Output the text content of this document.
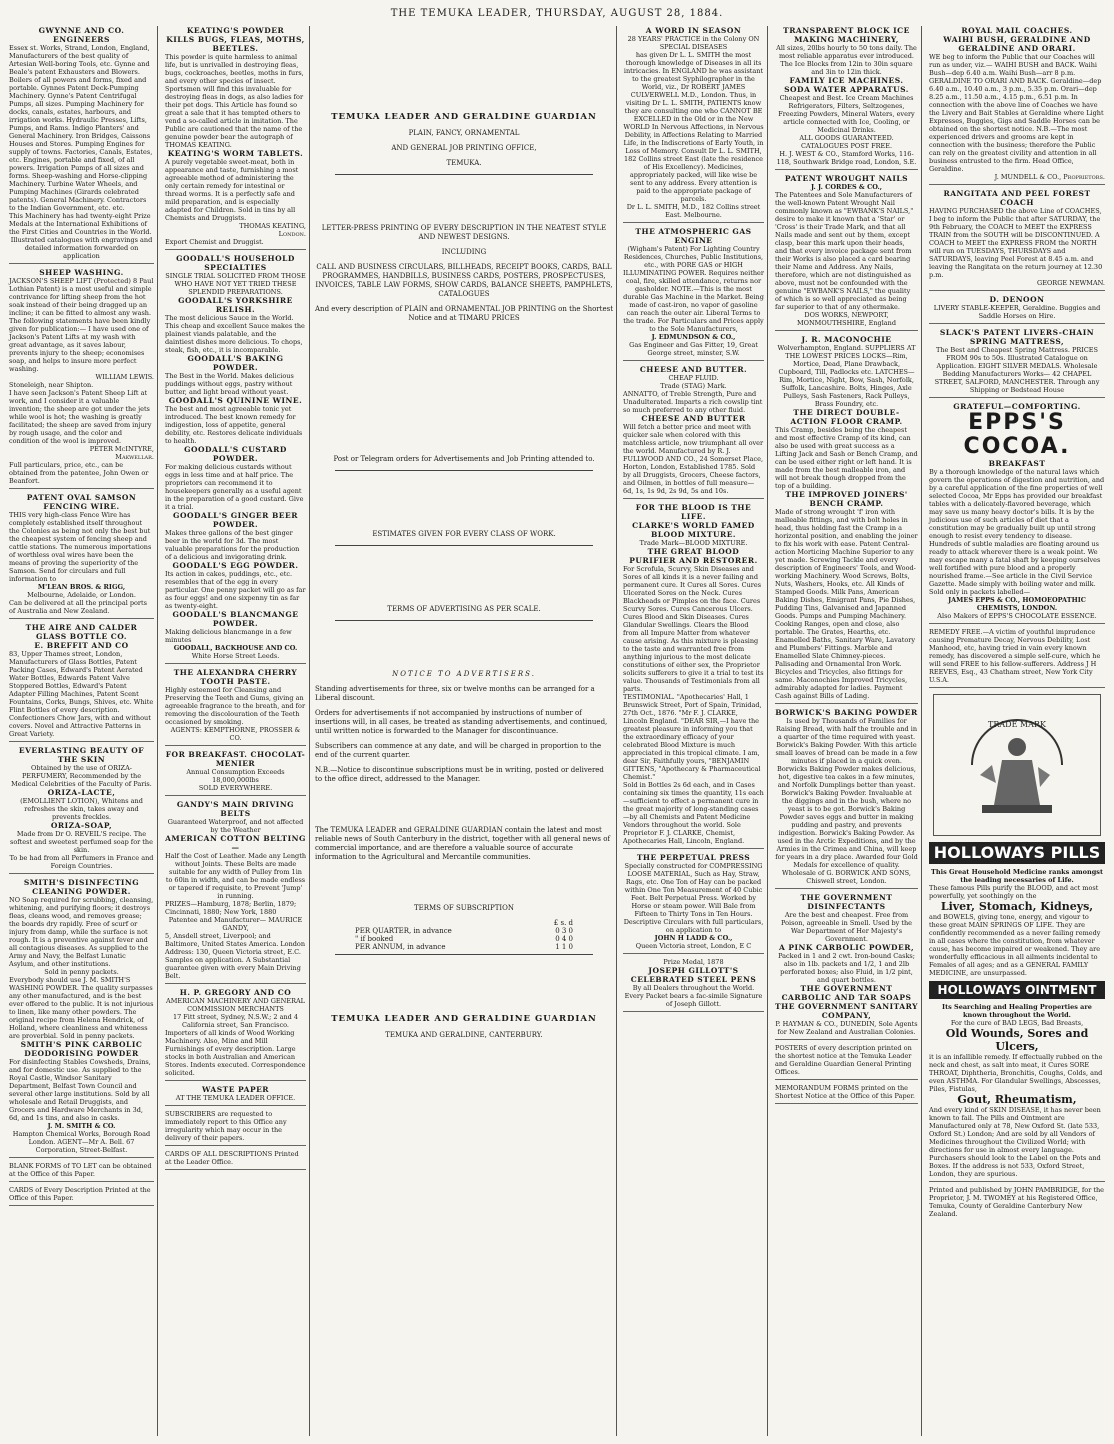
THE TEMUKA LEADER, THURSDAY, AUGUST 28, 1884.
GWYNNE AND CO.
ENGINEERS
Essex st. Works, Strand, London, England, Manufacturers of the best quality of Artesian Well-boring Tools, etc. Gynne and Beale's patent Exhausters and Blowers. Boilers of all powers and forms, fixed and portable. Gynnes Patent Deck-Pumping Machinery. Gynne's Patent Centrifugal Pumps, all sizes. Pumping Machinery for docks, canals, estates, harbours, and irrigation works. Hydraulic Presses, Lifts, Pumps, and Rams. Indigo Planters' and General Machinery. Iron Bridges, Caissons Houses and Stores. Pumping Engines for supply of towns. Factories, Canals, Estates, etc. Engines, portable and fixed, of all powers. Irrigation Pumps of all sizes and forms. Sheep-washing and Horse-clipping Machinery. Turbine Water Wheels, and Pumping Machines (Girards celebrated patents). General Machinery. Contractors to the Indian Government, etc. etc.
This Machinery has had twenty-eight Prize Medals at the International Exhibitions of the First Cities and Countries in the World.
Illustrated catalogues with engravings and detailed information forwarded on application
SHEEP WASHING.
JACKSON'S SHEEP LIFT (Protected) 8 Paul Lothian Patent) is a most useful and simple contrivance for lifting sheep from the hot soak instead of their being dragged up an incline; it can be fitted to almost any wash. The following statements have been kindly given for publication:— I have used one of Jackson's Patent Lifts at my wash with great advantage, as it saves labour, prevents injury to the sheep; economises soap, and helps to insure more perfect washing.
WILLIAM LEWIS.
Stoneleigh, near Shipton.
I have seen Jackson's Patent Sheep Lift at work, and I consider it a valuable invention; the sheep are got under the jets while wool is hot; the washing is greatly facilitated; the sheep are saved from injury by rough usage, and the color and condition of the wool is improved.
PETER McINTYRE,
Makwellar.
Full particulars, price, etc., can be obtained from the patentee, John Owen or Beanfort.
PATENT OVAL SAMSON FENCING WIRE.
THIS very high-class Fence Wire has completely established itself throughout the Colonies as being not only the best but the cheapest system of fencing sheep and cattle stations. The numerous importations of worthless oval wires have been the means of proving the superiority of the Samson. Send for circulars and full information to
M'LEAN BROS. & RIGG,
Melbourne, Adelaide, or London.
Can be delivered at all the principal ports of Australia and New Zealand.
THE AIRE AND CALDER GLASS BOTTLE CO.
E. BREFFIT AND CO
83, Upper Thames street, London, Manufacturers of Glass Bottles, Patent Packing Cases, Edward's Patent Aerated Water Bottles, Edwards Patent Valve Stoppered Bottles, Edward's Patent Adapter Filling Machines, Patent Scent Fountains, Corks, Bungs, Shives, etc. White Flint Bottles of every description. Confectioners Chow Jars, with and without covers. Novel and Attractive Patterns in Great Variety.
EVERLASTING BEAUTY OF THE SKIN
Obtained by the use of ORIZA-PERFUMERY, Recommended by the Medical Celebrities of the Faculty of Paris.
ORIZA-LACTE,
(EMOLLIENT LOTION), Whitens and refreshes the skin, takes away and prevents freckles.
ORIZA-SOAP,
Made from Dr O. REVEIL'S recipe. The softest and sweetest perfumed soap for the skin.
To be had from all Perfumers in France and Foreign Countries.
SMITH'S DISINFECTING CLEANING POWDER.
NO Soap required for scrubbing, cleansing, whitening, and purifying floors; it destroys fleas, cleans wood, and removes grease; the boards dry rapidly. Free of scurf or injury from damp, while the surface is not rough. It is a preventive against fever and all contagious diseases. As supplied to the Army and Navy, the Belfast Lunatic Asylum, and other institutions.
Sold in penny packets.
Everybody should use J. M. SMITH'S WASHING POWDER. The quality surpasses any other manufactured, and is the best ever offered to the public. It is not injurious to linen, like many other powders. The original recipe from Helena Hendrick, of Holland, where cleanliness and whiteness are proverbial. Sold in penny packets.
SMITH'S PINK CARBOLIC DEODORISING POWDER
For disinfecting Stables Cowsheds, Drains, and for domestic use. As supplied to the Royal Castle, Windsor Sanitary Department, Belfast Town Council and several other large institutions. Sold by all wholesale and Retail Druggists, and Grocers and Hardware Merchants in 3d, 6d, and 1s tins, and also in casks.
J. M. SMITH & CO.
Hampton Chemical Works, Borough Road London. AGENT—Mr A. Bell. 67 Corporation, Street-Belfast.
BLANK FORMS of TO LET can be obtained at the Office of this Paper.
CARDS of Every Description Printed at the Office of this Paper.
KEATING'S POWDER
KILLS BUGS, FLEAS, MOTHS, BEETLES.
This powder is quite harmless to animal life, but is unrivalled in destroying fleas, bugs, cockroaches, beetles, moths in furs, and every other species of insect. Sportsmen will find this invaluable for destroying fleas in dogs, as also ladies for their pet dogs. This Article has found so great a sale that it has tempted others to vend a so-called article in imitation. The Public are cautioned that the name of the genuine powder bear the autograph of THOMAS KEATING.
KEATING'S WORM TABLETS.
A purely vegetable sweet-meat, both in appearance and taste, furnishing a most agreeable method of administering the only certain remedy for intestinal or thread worms. It is a perfectly safe and mild preparation, and is especially adapted for Children. Sold in tins by all Chemists and Druggists.
THOMAS KEATING,
London.
Export Chemist and Druggist.
GOODALL'S HOUSEHOLD SPECIALTIES
SINGLE TRIAL SOLICITED FROM THOSE WHO HAVE NOT YET TRIED THESE SPLENDID PREPARATIONS.
GOODALL'S YORKSHIRE RELISH.
The most delicious Sauce in the World. This cheap and excellent Sauce makes the plainest viands palatable, and the daintiest dishes more delicious. To chops, steak, fish, etc., it is incomparable.
GOODALL'S BAKING POWDER.
The Best in the World. Makes delicious puddings without eggs, pastry without butter, and light bread without yeast.
GOODALL'S QUININE WINE.
The best and most agreeable tonic yet introduced. The best known remedy for indigestion, loss of appetite, general debility, etc. Restores delicate individuals to health.
GOODALL'S CUSTARD POWDER.
For making delicious custards without eggs in less time and at half price. The proprietors can recommend it to housekeepers generally as a useful agent in the preparation of a good custard. Give it a trial.
GOODALL'S GINGER BEER POWDER.
Makes three gallons of the best ginger beer in the world for 3d. The most valuable preparations for the production of a delicious and invigorating drink.
GOODALL'S EGG POWDER.
Its action in cakes, puddings, etc., etc. resembles that of the egg in every particular. One penny packet will go as far as four eggs! and one sixpenny tin as far as twenty-eight.
GOODALL'S BLANCMANGE POWDER.
Making delicious blancmange in a few minutes
GOODALL, BACKHOUSE AND CO.
White Horse Street Leeds.
THE ALEXANDRA CHERRY TOOTH PASTE.
Highly esteemed for Cleansing and Preserving the Teeth and Gums, giving an agreeable fragrance to the breath, and for removing the discolouration of the Teeth occasioned by smoking.
AGENTS: KEMPTHORNE, PROSSER & CO.
FOR BREAKFAST. CHOCOLAT-MENIER
Annual Consumption Exceeds 18,000,000lbs
SOLD EVERYWHERE.
GANDY'S MAIN DRIVING BELTS
Guaranteed Waterproof, and not affected by the Weather
AMERICAN COTTON BELTING—
Half the Cost of Leather. Made any Length without Joints. These Belts are made suitable for any width of Pulley from 1in to 60in in width, and can be made endless or tapered if requisite, to Prevent 'Jump' in running.
PRIZES—Hamburg, 1878; Berlin, 1879; Cincinnati, 1880; New York, 1880
Patentee and Manufacturer— MAURICE GANDY,
5, Ansdell street, Liverpool; and Baltimore, United States America. London Address: 130, Queen Victoria street, E.C.
Samples on application. A Substantial guarantee given with every Main Driving Belt.
H. P. GREGORY AND CO
AMERICAN MACHINERY AND GENERAL COMMISSION MERCHANTS
17 Fitt street, Sydney, N.S.W.; 2 and 4 California street, San Francisco.
Importers of all kinds of Wood Working Machinery. Also, Mine and Mill Furnishings of every description. Large stocks in both Australian and American Stores. Indents executed. Correspondence solicited.
WASTE PAPER
AT THE TEMUKA LEADER OFFICE.
SUBSCRIBERS are requested to immediately report to this Office any irregularity which may occur in the delivery of their papers.
CARDS OF ALL DESCRIPTIONS Printed at the Leader Office.
TEMUKA LEADER AND GERALDINE GUARDIAN

PLAIN, FANCY, ORNAMENTAL

AND GENERAL JOB PRINTING OFFICE,

TEMUKA.

LETTER-PRESS PRINTING OF EVERY DESCRIPTION IN THE NEATEST STYLE AND NEWEST DESIGNS.

INCLUDING

CALL AND BUSINESS CIRCULARS, BILLHEADS, RECEIPT BOOKS, CARDS, BALL PROGRAMMES, HANDBILLS, BUSINESS CARDS, POSTERS, PROSPECTUSES, INVOICES, TABLE LAW FORMS, SHOW CARDS, BALANCE SHEETS, PAMPHLETS, CATALOGUES

And every description of PLAIN and ORNAMENTAL JOB PRINTING on the Shortest Notice and at TIMARU PRICES

Post or Telegram orders for Advertisements and Job Printing attended to.

ESTIMATES GIVEN FOR EVERY CLASS OF WORK.

TERMS OF ADVERTISING AS PER SCALE.

NOTICE TO ADVERTISERS.

Standing advertisements for three, six or twelve months can be arranged for a Liberal discount.

Orders for advertisements if not accompanied by instructions of number of insertions will, in all cases, be treated as standing advertisements, and continued, until written notice is forwarded to the Manager for discontinuance.

Subscribers can commence at any date, and will be charged in proportion to the end of the current quarter.

N.B.—Notice to discontinue subscriptions must be in writing, posted or delivered to the office direct, addressed to the Manager.

The TEMUKA LEADER and GERALDINE GUARDIAN contain the latest and most reliable news of South Canterbury in the district, together with all general news of commercial importance, and are therefore a valuable source of accurate information to the Agricultural and Mercantile communities.

TERMS OF SUBSCRIPTION

£ s. d
PER QUARTER, in advance	0 3 0
" if booked	0 4 0
PER ANNUM, in advance	1 1 0
TEMUKA LEADER AND GERALDINE GUARDIAN

TEMUKA AND GERALDINE, CANTERBURY.

A WORD IN SEASON
28 YEARS' PRACTICE in the Colony ON SPECIAL DISEASES
has given Dr L. L. SMITH the most thorough knowledge of Diseases in all its intricacies. In ENGLAND he was assistant to the greatest Syphilographer in the World, viz., Dr ROBERT JAMES CULVERWELL M.D., London. Thus, in visiting Dr L. L. SMITH, PATIENTS know they are consulting one who CANNOT BE EXCELLED in the Old or in the New WORLD In Nervous Affections, in Nervous Debility, in Affections Relating to Married Life, in the Indiscretions of Early Youth, in Loss of Memory. Consult Dr L. L. SMITH, 182 Collins street East (late the residence of His Excellency). Medicines, appropriately packed, will like wise be sent to any address. Every attention is paid to the appropriate package of parcels.
Dr L. L. SMITH, M.D., 182 Collins street East. Melbourne.
THE ATMOSPHERIC GAS ENGINE
(Wigham's Patent) For Lighting Country Residences, Churches, Public Institutions, etc., with PORE GAS or HIGH ILLUMINATING POWER. Requires neither coal, fire, skilled attendance, returns nor gasholder. NOTE.—This is the most durable Gas Machine in the Market. Being made of cast-iron, no vapor of gasoline can reach the outer air. Liberal Terms to the trade. For Particulars and Prices apply to the Sole Manufacturers,
J. EDMUNDSON & CO.,
Gas Engineer and Gas Fitter, 19, Great George street, minster, S.W.
CHEESE AND BUTTER.
CHEAP FLUID.
Trade (STAG) Mark.
ANNATTO, of Treble Strength, Pure and Unadulterated. Imparts a rich cowslip tint so much preferred to any other fluid.
CHEESE AND BUTTER
Will fetch a better price and meet with quicker sale when colored with this matchless article, now triumphant all over the world. Manufactured by R. J. FULLWOOD AND CO., 24 Somerset Place, Horton, London, Established 1785. Sold by all Druggists, Grocers, Cheese factors, and Oilmen, in bottles of full measure—6d, 1s, 1s 9d, 2s 9d, 5s and 10s.
FOR THE BLOOD IS THE LIFE.
CLARKE'S WORLD FAMED BLOOD MIXTURE.
Trade Mark—BLOOD MIXTURE.
THE GREAT BLOOD PURIFIER AND RESTORER.
For Scrofula, Scurvy, Skin Diseases and Sores of all kinds it is a never failing and permanent cure. It Cures all Sores. Cures Ulcerated Sores on the Neck. Cures Blackheads or Pimples on the face. Cures Scurvy Sores. Cures Cancerous Ulcers. Cures Blood and Skin Diseases. Cures Glandular Swellings. Clears the Blood from all Impure Matter from whatever cause arising. As this mixture is pleasing to the taste and warranted free from anything injurious to the most delicate constitutions of either sex, the Proprietor solicits sufferers to give it a trial to test its value. Thousands of Testimonials from all parts.
TESTIMONIAL. "Apothecaries' Hall, 1 Brunswick Street, Port of Spain, Trinidad, 27th Oct., 1876. "Mr F. J. CLARKE, Lincoln England. "DEAR SIR,—I have the greatest pleasure in informing you that the extraordinary efficacy of your celebrated Blood Mixture is much appreciated in this tropical climate. I am, dear Sir, Faithfully yours, "BENJAMIN GITTENS, "Apothecary & Pharmaceutical Chemist."
Sold in Bottles 2s 6d each, and in Cases containing six times the quantity, 11s each—sufficient to effect a permanent cure in the great majority of long-standing cases—by all Chemists and Patent Medicine Vendors throughout the world. Sole Proprietor F. J. CLARKE, Chemist, Apothecaries Hall, Lincoln, England.
THE PERPETUAL PRESS
Specially constructed for COMPRESSING LOOSE MATERIAL, Such as Hay, Straw, Rags, etc. One Ton of Hay can be packed within One Ton Measurement of 40 Cubic Feet. Belt Perpetual Press. Worked by Horse or steam power. Will Bale from Fifteen to Thirty Tons in Ten Hours. Descriptive Circulars with full particulars, on application to
JOHN H LADD & CO.,
Queen Victoria street, London, E C
Prize Medal, 1878
JOSEPH GILLOTT'S CELEBRATED STEEL PENS
By all Dealers throughout the World. Every Packet bears a fac-simile Signature of Joseph Gillott.
TRANSPARENT BLOCK ICE MAKING MACHINERY,
All sizes, 20lbs hourly to 50 tons daily. The most reliable apparatus ever introduced. The Ice Blocks from 12in to 30in square and 3in to 12in thick.
FAMILY ICE MACHINES.
SODA WATER APPARATUS.
Cheapest and Best. Ice Cream Machines Refrigerators, Filters, Seltzogenes, Freezing Powders, Mineral Waters, every article connected with Ice, Cooling, or Medicinal Drinks.
ALL GOODS GUARANTEED.
CATALOGUES POST FREE.
H. J. WEST & CO., Stamford Works, 116-118, Southwark Bridge road, London, S.E.
PATENT WROUGHT NAILS
J. J. CORDES & CO.,
The Patentees and Sole Manufacturers of the well-known Patent Wrought Nail commonly known as "EWBANK'S NAILS," desire to make it known that a 'Star' or 'Cross' is their Trade Mark, and that all Nails made and sent out by them, except clasp, bear this mark upon their heads, and that every invoice package sent from their Works is also placed a card bearing their Name and Address. Any Nails, therefore, which are not distinguished as above, must not be confounded with the genuine "EWBANK'S NAILS," the quality of which is so well appreciated as being far superior to that of any othermake.
DOS WORKS, NEWPORT, MONMOUTHSHIRE, England
J. R. MACONOCHIE
Wolverhampton, England. SUPPLIERS AT THE LOWEST PRICES LOCKS—Rim, Mortice, Dead, Plane Drawback, Cupboard, Till, Padlocks etc. LATCHES—Rim, Mortice, Night, Bow, Sash, Norfolk, Suffolk, Lancashire. Bolts, Hinges, Axle Pulleys, Sash Fasteners, Rack Pulleys, Brass Foundry, etc.
THE DIRECT DOUBLE-ACTION FLOOR CRAMP.
This Cramp, besides being the cheapest and most effective Cramp of its kind, can also be used with great success as a Lifting Jack and Sash or Bench Cramp, and can be used either right or left hand. It is made from the best malleable iron, and will not break though dropped from the top of a building.
THE IMPROVED JOINERS' BENCH CRAMP.
Made of strong wrought 'f' iron with malleable fittings, and with bolt holes in head, thus holding fast the Cramp in a horizontal position, and enabling the joiner to fix his work with ease. Patent Central-action Morticing Machine Superior to any yet made. Screwing Tackle and every description of Engineers' Tools, and Wood-working Machinery. Wood Screws, Bolts, Nuts, Washers, Hooks, etc. All Kinds of Stamped Goods. Milk Pans, American Baking Dishes, Emigrant Pans, Pie Dishes, Pudding Tins, Galvanised and Japanned Goods. Pumps and Pumping Machinery. Cooking Ranges, open and close, also portable. The Grates, Hearths, etc. Enamelled Baths, Sanitary Ware, Lavatory and Plumbers' Fittings. Marble and Enamelled Slate Chimney-pieces. Palisading and Ornamental Iron Work. Bicycles and Tricycles, also fittings for same. Maconochies Improved Tricycles, admirably adapted for ladies. Payment Cash against Bills of Lading.
BORWICK'S BAKING POWDER
Is used by Thousands of Families for Raising Bread, with half the trouble and in a quarter of the time required with yeast. Borwick's Baking Powder. With this article small loaves of bread can be made in a few minutes if placed in a quick oven. Borwicks Baking Powder makes delicious, hot, digestive tea cakes in a few minutes, and Norfolk Dumplings better than yeast. Borwick's Baking Powder. Invaluable at the diggings and in the bush, where no yeast is to be got. Borwick's Baking Powder saves eggs and butter in making pudding and pastry, and prevents indigestion. Borwick's Baking Powder. As used in the Arctic Expeditions, and by the Armies in the Crimea and China, will keep for years in a dry place. Awarded four Gold Medals for excellence of quality.
Wholesale of G. BORWICK AND SONS,
Chiswell street, London.
THE GOVERNMENT DISINFECTANTS
Are the best and cheapest. Free from Poison, agreeable in Smell. Used by the War Department of Her Majesty's Government.
A PINK CARBOLIC POWDER,
Packed in 1 and 2 cwt. Iron-bound Casks; also in 1lb. packets and 1/2, 1 and 2lb perforated boxes; also Fluid, in 1/2 pint, and quart bottles.
THE GOVERNMENT CARBOLIC AND TAR SOAPS
THE GOVERNMENT SANITARY COMPANY,
P. HAYMAN & CO., DUNEDIN, Sole Agents for New Zealand and Australian Colonies.
POSTERS of every description printed on the shortest notice at the Temuka Leader and Geraldine Guardian General Printing Offices.
MEMORANDUM FORMS printed on the Shortest Notice at the Office of this Paper.
ROYAL MAIL COACHES.
WAIHI BUSH, GERALDINE AND GERALDINE AND ORARI.
WE beg to inform the Public that our Coaches will run as under, viz.— WAIHI BUSH and BACK. Waihi Bush—dep 6.40 a.m. Waihi Bush—arr 8 p.m. GERALDINE TO ORARI AND BACK. Geraldine—dep 6.40 a.m., 10.40 a.m., 3 p.m., 5.35 p.m. Orari—dep 8.25 a.m., 11.50 a.m., 4.15 p.m., 6.51 p.m. In connection with the above line of Coaches we have the Livery and Bait Stables at Geraldine where Light Expresses, Buggies, Gigs and Saddle Horses can be obtained on the shortest notice. N.B.—The most experienced drivers and grooms are kept in connection with the business; therefore the Public can rely on the greatest civility and attention in all business entrusted to the firm. Head Office, Geraldine.
J. MUNDELL & CO., Proprietors.
RANGITATA AND PEEL FOREST COACH
HAVING PURCHASED the above Line of COACHES, I beg to inform the Public that after SATURDAY, the 9th February, the COACH to MEET the EXPRESS TRAIN from the SOUTH will be DISCONTINUED. A COACH to MEET the EXPRESS FROM the NORTH will run on TUESDAYS, THURSDAYS and SATURDAYS, leaving Peel Forest at 8.45 a.m. and leaving the Rangitata on the return journey at 12.30 p.m.
GEORGE NEWMAN.
D. DENOON
LIVERY STABLE-KEEPER, Geraldine. Buggies and Saddle Horses on Hire.
SLACK'S PATENT LIVERS-CHAIN SPRING MATTRESS,
The Best and Cheapest Spring Mattress. PRICES FROM 90s to 50s. Illustrated Catalogue on Application. EIGHT SILVER MEDALS. Wholesale Bedding Manufacturers Works— 42 CHAPEL STREET, SALFORD, MANCHESTER. Through any Shipping or Bedstead House
GRATEFUL—COMFORTING.
EPPS'S COCOA.
BREAKFAST
By a thorough knowledge of the natural laws which govern the operations of digestion and nutrition, and by a careful application of the fine properties of well selected Cocoa, Mr Epps has provided our breakfast tables with a delicately-flavored beverage, which may save us many heavy doctor's bills. It is by the judicious use of such articles of diet that a constitution may be gradually built up until strong enough to resist every tendency to disease. Hundreds of subtle maladies are floating around us ready to attack wherever there is a weak point. We may escape many a fatal shaft by keeping ourselves well fortified with pure blood and a properly nourished frame.—See article in the Civil Service Gazette. Made simply with boiling water and milk. Sold only in packets labelled—
JAMES EPPS & CO., HOMOEOPATHIC CHEMISTS, LONDON.
Also Makers of EPPS'S CHOCOLATE ESSENCE.
REMEDY FREE.—A victim of youthful imprudence causing Premature Decay, Nervous Debility, Lost Manhood, etc, having tried in vain every known remedy, has discovered a simple self-cure, which he will send FREE to his fellow-sufferers. Address J H REEVES, Esq., 43 Chatham street, New York City U.S.A.
TRADE MARK
HOLLOWAYS PILLS
This Great Household Medicine ranks amongst the leading necessaries of Life.
These famous Pills purify the BLOOD, and act most powerfully, yet soothingly on the
Liver, Stomach, Kidneys,
and BOWELS, giving tone, energy, and vigour to these great MAIN SPRINGS OF LIFE. They are confidently recommended as a never failing remedy in all cases where the constitution, from whatever cause, has become impaired or weakened. They are wonderfully efficacious in all ailments incidental to Females of all ages; and as a GENERAL FAMILY MEDICINE, are unsurpassed.
HOLLOWAYS OINTMENT
Its Searching and Healing Properties are known throughout the World.
For the cure of BAD LEGS, Bad Breasts,
Old Wounds, Sores and Ulcers,
it is an infallible remedy. If effectually rubbed on the neck and chest, as salt into meat, it Cures SORE THROAT, Diphtheria, Bronchitis, Coughs, Colds, and even ASTHMA. For Glandular Swellings, Abscesses, Piles, Fistulas,
Gout, Rheumatism,
And every kind of SKIN DISEASE, it has never been known to fail. The Pills and Ointment are Manufactured only at 78, New Oxford St. (late 533, Oxford St.) London; And are sold by all Vendors of Medicines throughout the Civilized World; with directions for use in almost every language. Purchasers should look to the Label on the Pots and Boxes. If the address is not 533, Oxford Street, London, they are spurious.
Printed and published by JOHN PAMBRIDGE, for the Proprietor, J. M. TWOMEY at his Registered Office, Temuka, County of Geraldine Canterbury New Zealand.
